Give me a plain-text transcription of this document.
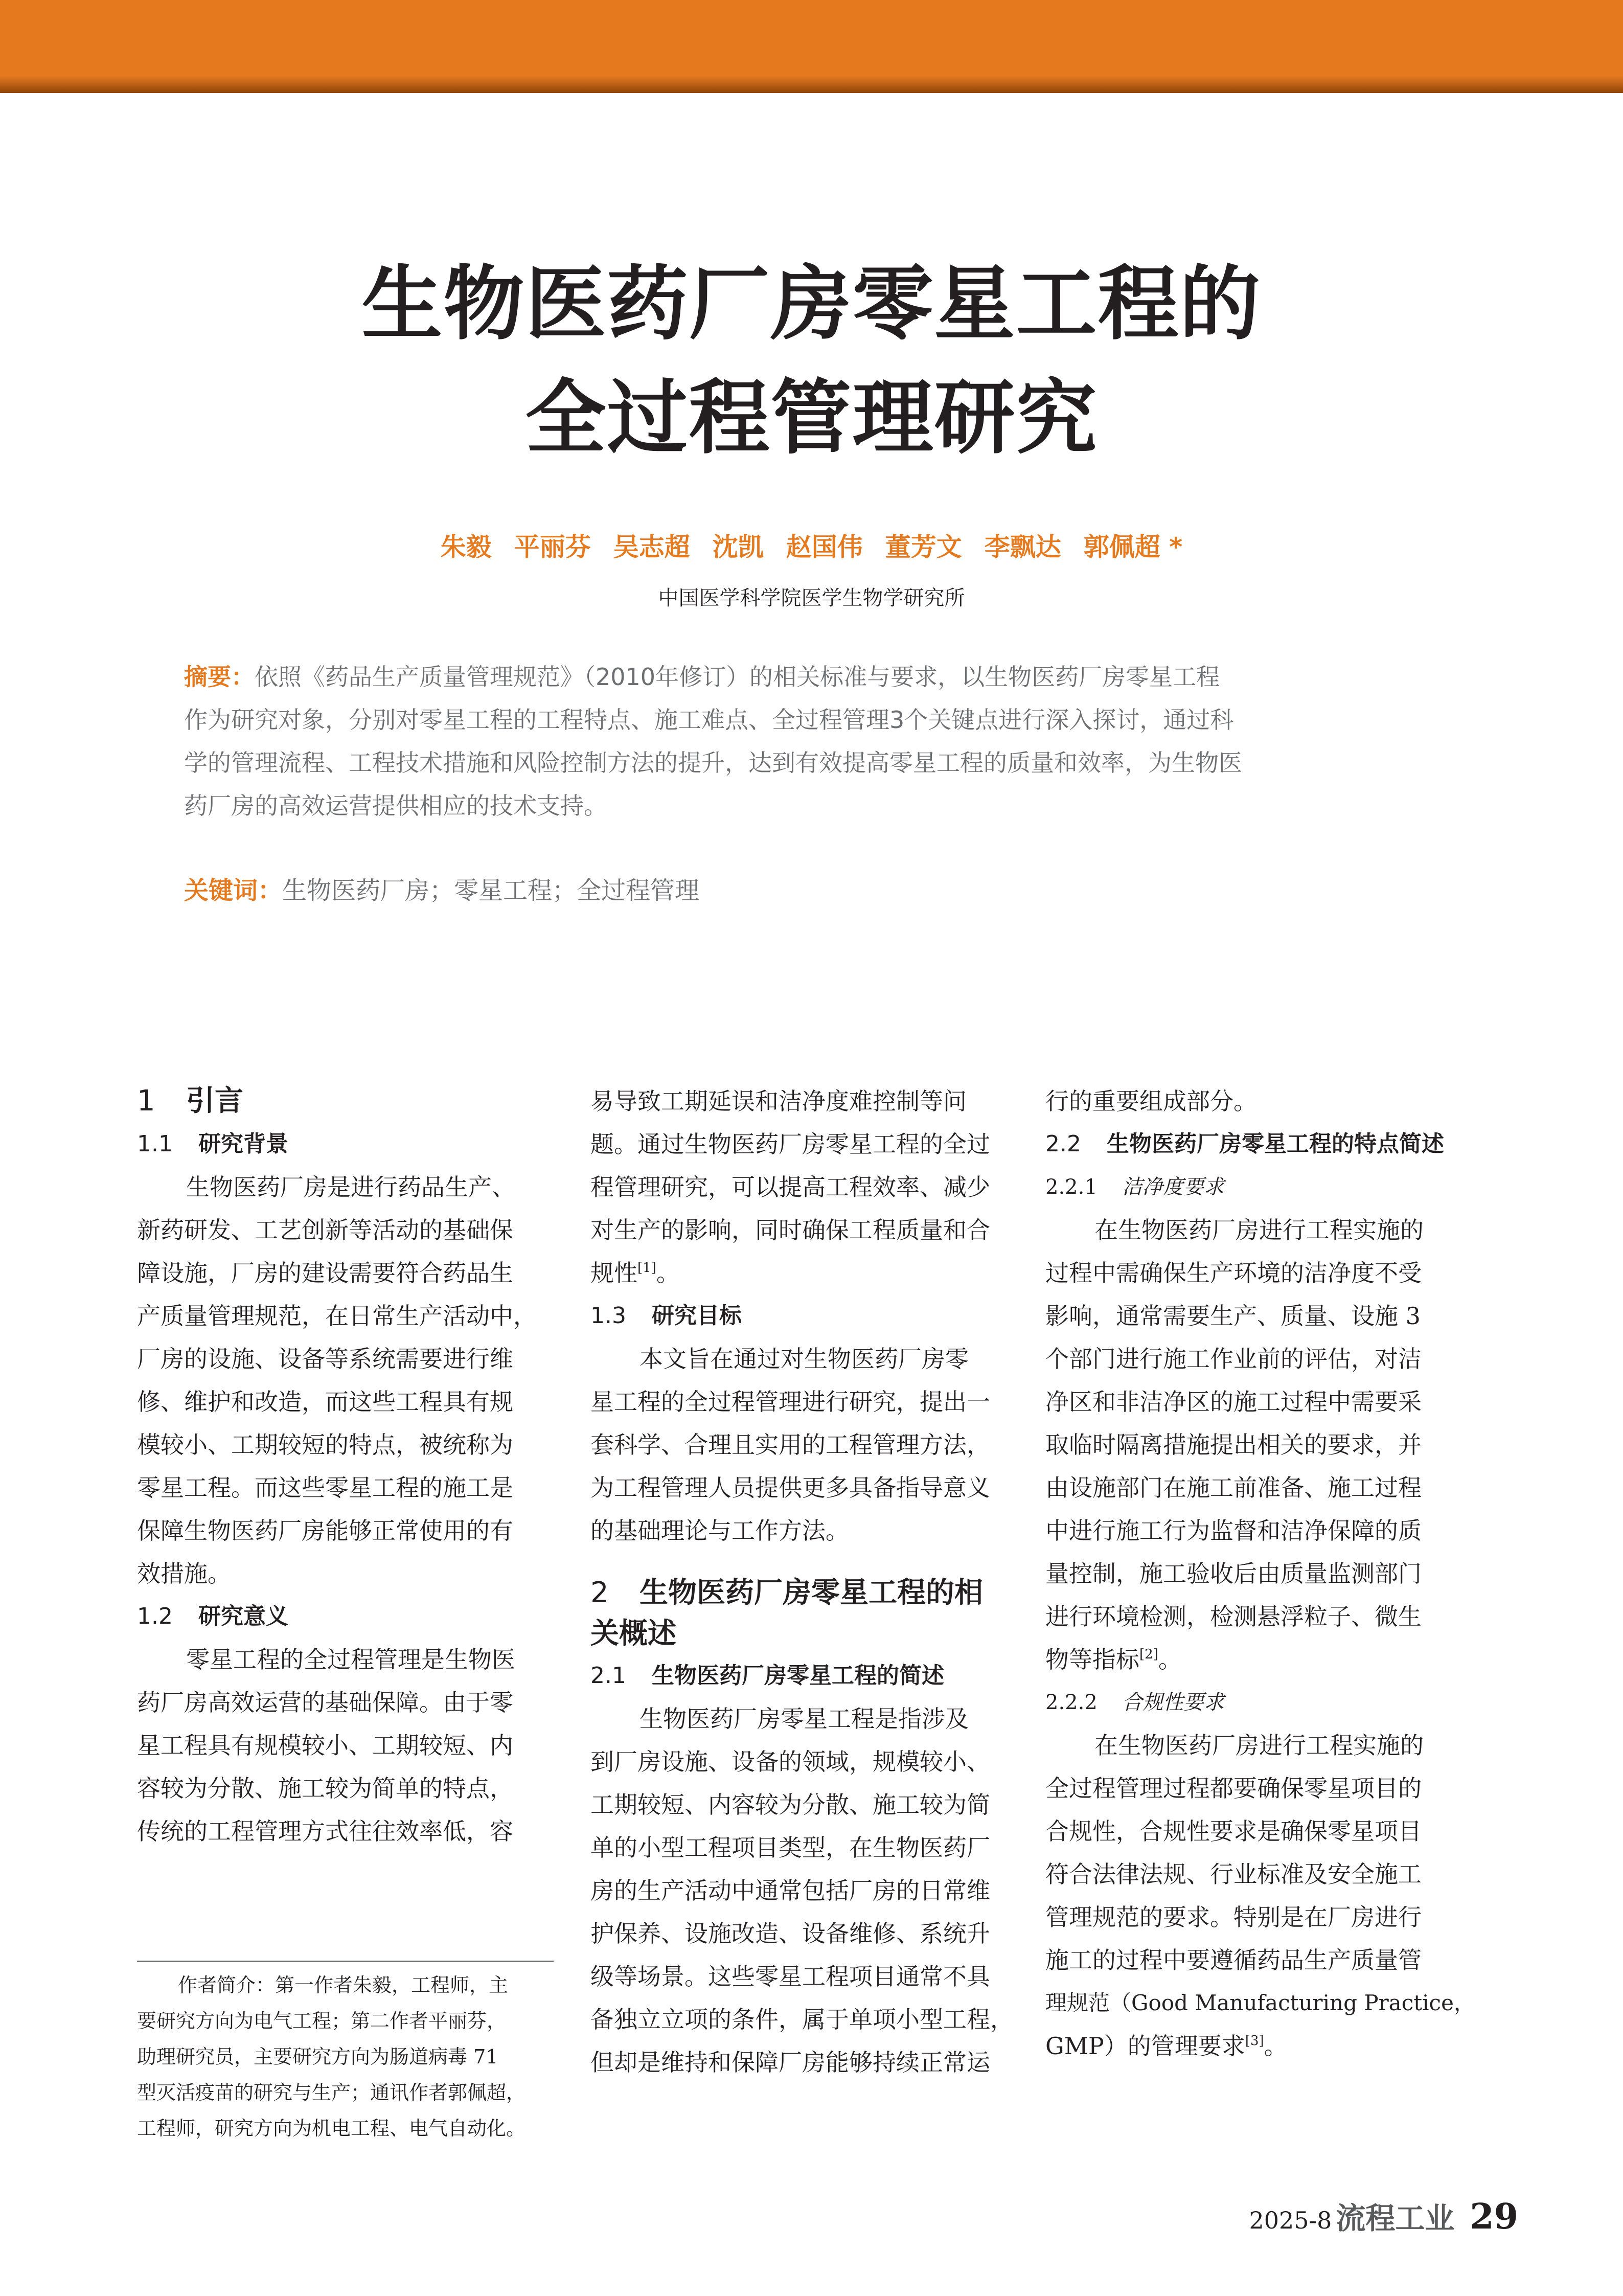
生物医药厂房零星工程的
全过程管理研究
朱毅 平丽芬 吴志超 沈凯 赵国伟 董芳文 李飘达 郭佩超 *
中国医学科学院医学生物学研究所
摘要：依照《药品生产质量管理规范》（2010年修订）的相关标准与要求，以生物医药厂房零星工程
作为研究对象，分别对零星工程的工程特点、施工难点、全过程管理3个关键点进行深入探讨，通过科
学的管理流程、工程技术措施和风险控制方法的提升，达到有效提高零星工程的质量和效率，为生物医
药厂房的高效运营提供相应的技术支持。
关键词：生物医药厂房；零星工程；全过程管理
1 引言
1.1 研究背景
生物医药厂房是进行药品生产、
新药研发、工艺创新等活动的基础保
障设施，厂房的建设需要符合药品生
产质量管理规范，在日常生产活动中，
厂房的设施、设备等系统需要进行维
修、维护和改造，而这些工程具有规
模较小、工期较短的特点，被统称为
零星工程。而这些零星工程的施工是
保障生物医药厂房能够正常使用的有
效措施。
1.2 研究意义
零星工程的全过程管理是生物医
药厂房高效运营的基础保障。由于零
星工程具有规模较小、工期较短、内
容较为分散、施工较为简单的特点，
传统的工程管理方式往往效率低，容
作者简介：第一作者朱毅，工程师，主
要研究方向为电气工程；第二作者平丽芬，
助理研究员，主要研究方向为肠道病毒 71
型灭活疫苗的研究与生产；通讯作者郭佩超，
工程师，研究方向为机电工程、电气自动化。
易导致工期延误和洁净度难控制等问
题。通过生物医药厂房零星工程的全过
程管理研究，可以提高工程效率、减少
对生产的影响，同时确保工程质量和合
规性[1]。
1.3 研究目标
本文旨在通过对生物医药厂房零
星工程的全过程管理进行研究，提出一
套科学、合理且实用的工程管理方法，
为工程管理人员提供更多具备指导意义
的基础理论与工作方法。
2 生物医药厂房零星工程的相关概述
2.1 生物医药厂房零星工程的简述
生物医药厂房零星工程是指涉及
到厂房设施、设备的领域，规模较小、
工期较短、内容较为分散、施工较为简
单的小型工程项目类型，在生物医药厂
房的生产活动中通常包括厂房的日常维
护保养、设施改造、设备维修、系统升
级等场景。这些零星工程项目通常不具
备独立立项的条件，属于单项小型工程，
但却是维持和保障厂房能够持续正常运
行的重要组成部分。
2.2 生物医药厂房零星工程的特点简述
2.2.1 洁净度要求
在生物医药厂房进行工程实施的
过程中需确保生产环境的洁净度不受
影响，通常需要生产、质量、设施 3
个部门进行施工作业前的评估，对洁
净区和非洁净区的施工过程中需要采
取临时隔离措施提出相关的要求，并
由设施部门在施工前准备、施工过程
中进行施工行为监督和洁净保障的质
量控制，施工验收后由质量监测部门
进行环境检测，检测悬浮粒子、微生
物等指标[2]。
2.2.2 合规性要求
在生物医药厂房进行工程实施的
全过程管理过程都要确保零星项目的
合规性，合规性要求是确保零星项目
符合法律法规、行业标准及安全施工
管理规范的要求。特别是在厂房进行
施工的过程中要遵循药品生产质量管
理规范（Good Manufacturing Practice，
GMP）的管理要求[3]。
2025-8 流程工业 29
